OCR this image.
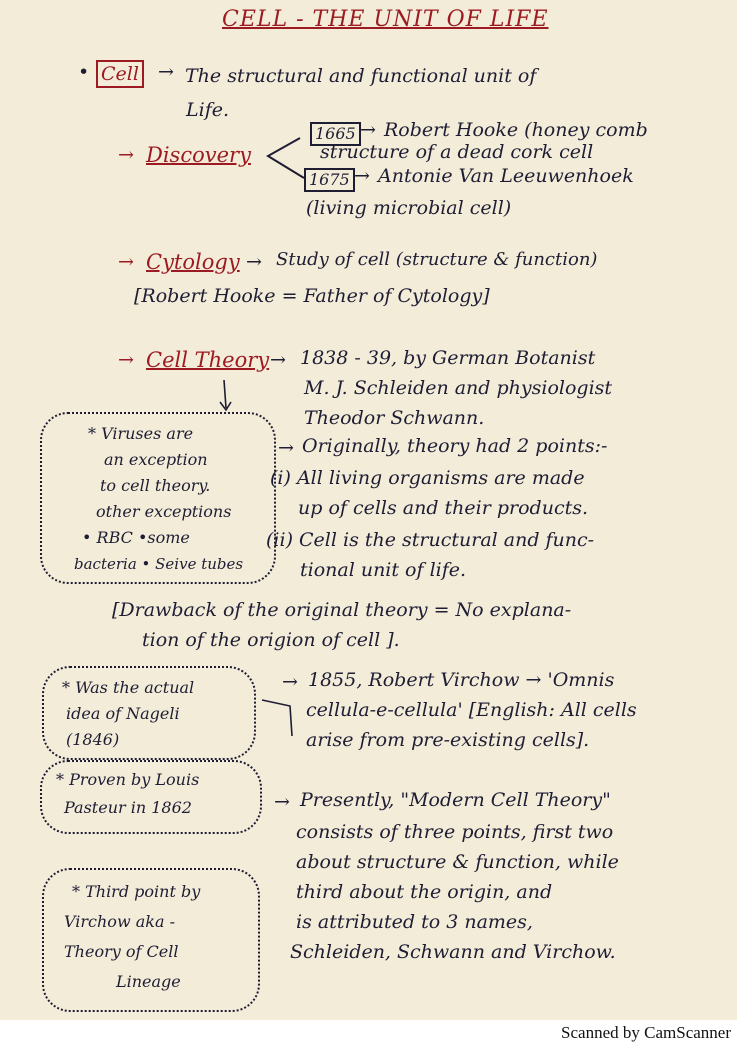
CELL - THE UNIT OF LIFE
• Cell → The structural and functional unit of
Life.
→ Discovery
1665 → Robert Hooke (honey comb
structure of a dead cork cell
1675 → Antonie Van Leeuwenhoek
(living microbial cell)
→ Cytology → Study of cell (structure & function)
[Robert Hooke = Father of Cytology]
→ Cell Theory → 1838 - 39, by German Botanist
M. J. Schleiden and physiologist
Theodor Schwann.
→ Originally, theory had 2 points:-
(i) All living organisms are made
up of cells and their products.
(ii) Cell is the structural and func-
tional unit of life.
[Drawback of the original theory = No explana-
tion of the origion of cell ].
→ 1855, Robert Virchow → 'Omnis
cellula-e-cellula' [English: All cells
arise from pre-existing cells].
→ Presently, "Modern Cell Theory"
consists of three points, first two
about structure & function, while
third about the origin, and
is attributed to 3 names,
Schleiden, Schwann and Virchow.
* Viruses are
an exception
to cell theory.
other exceptions
• RBC •some
bacteria • Seive tubes
* Was the actual
idea of Nageli
(1846)
* Proven by Louis
Pasteur in 1862
* Third point by
Virchow aka -
Theory of Cell
Lineage
Scanned by CamScanner
